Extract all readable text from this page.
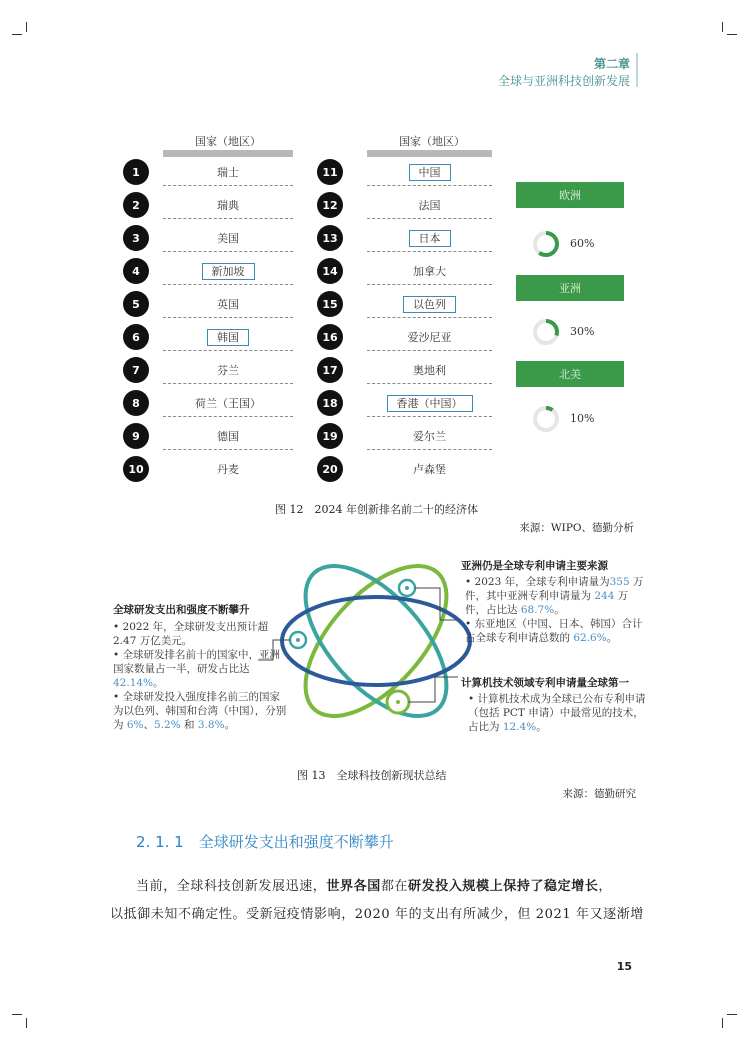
第二章
全球与亚洲科技创新发展
国家（地区）	国家（地区）
1	瑞士
2	瑞典
3	美国
4	新加坡
5	英国
6	韩国
7	芬兰
8	荷兰（王国）
9	德国
10	丹麦
11	中国
12	法国
13	日本
14	加拿大
15	以色列
16	爱沙尼亚
17	奥地利
18	香港（中国）
19	爱尔兰
20	卢森堡
欧洲
60%
亚洲
30%
北美
10%
图 12　2024 年创新排名前二十的经济体
来源：WIPO、德勤分析
全球研发支出和强度不断攀升

• 2022 年，全球研发支出预计超 2.47 万亿美元。

• 全球研发排名前十的国家中，亚洲国家数量占一半，研发占比达 42.14%。

• 全球研发投入强度排名前三的国家为以色列、韩国和台湾（中国），分别为 6%、5.2% 和 3.8%。

亚洲仍是全球专利申请主要来源

• 2023 年，全球专利申请量为355 万件，其中亚洲专利申请量为 244 万件，占比达 68.7%。

• 东亚地区（中国、日本、韩国）合计占全球专利申请总数的 62.6%。

计算机技术领域专利申请量全球第一

• 计算机技术成为全球已公布专利申请（包括 PCT 申请）中最常见的技术，占比为 12.4%。

图 13　全球科技创新现状总结
来源：德勤研究
2. 1. 1　全球研发支出和强度不断攀升
当前，全球科技创新发展迅速，世界各国都在研发投入规模上保持了稳定增长，
以抵御未知不确定性。受新冠疫情影响，2020 年的支出有所减少，但 2021 年又逐渐增
15
